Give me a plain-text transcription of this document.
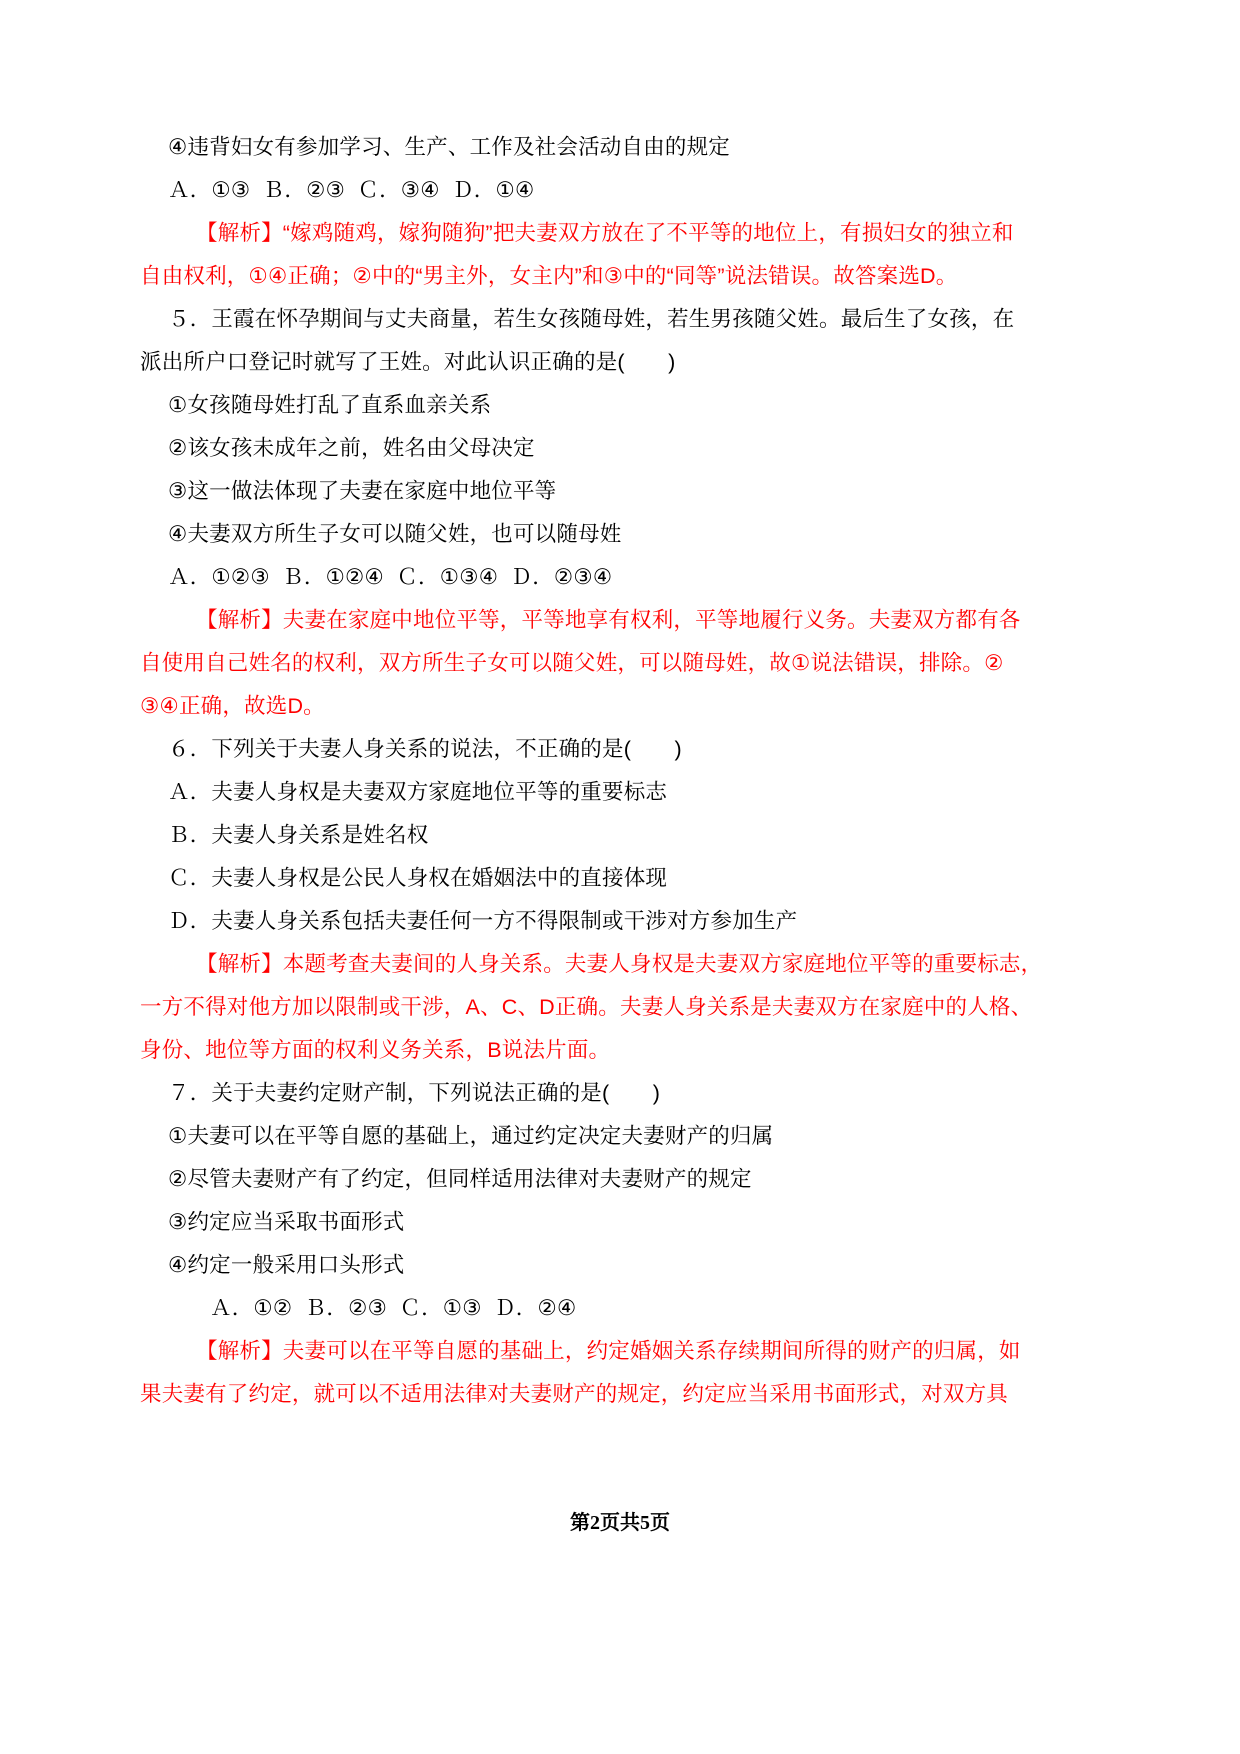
④违背妇女有参加学习、生产、工作及社会活动自由的规定
Ａ．①③  Ｂ．②③  Ｃ．③④  Ｄ．①④
【解析】“嫁鸡随鸡，嫁狗随狗”把夫妻双方放在了不平等的地位上，有损妇女的独立和
自由权利，①④正确；②中的“男主外，女主内”和③中的“同等”说法错误。故答案选D。
５．王霞在怀孕期间与丈夫商量，若生女孩随母姓，若生男孩随父姓。最后生了女孩，在
派出所户口登记时就写了王姓。对此认识正确的是(　　)
①女孩随母姓打乱了直系血亲关系
②该女孩未成年之前，姓名由父母决定
③这一做法体现了夫妻在家庭中地位平等
④夫妻双方所生子女可以随父姓，也可以随母姓
Ａ．①②③  Ｂ．①②④  Ｃ．①③④  Ｄ．②③④
【解析】夫妻在家庭中地位平等，平等地享有权利，平等地履行义务。夫妻双方都有各
自使用自己姓名的权利，双方所生子女可以随父姓，可以随母姓，故①说法错误，排除。②
③④正确，故选D。
６．下列关于夫妻人身关系的说法，不正确的是(　　)
Ａ．夫妻人身权是夫妻双方家庭地位平等的重要标志
Ｂ．夫妻人身关系是姓名权
Ｃ．夫妻人身权是公民人身权在婚姻法中的直接体现
Ｄ．夫妻人身关系包括夫妻任何一方不得限制或干涉对方参加生产
【解析】本题考查夫妻间的人身关系。夫妻人身权是夫妻双方家庭地位平等的重要标志，
一方不得对他方加以限制或干涉，A、C、D正确。夫妻人身关系是夫妻双方在家庭中的人格、
身份、地位等方面的权利义务关系，B说法片面。
７．关于夫妻约定财产制，下列说法正确的是(　　)
①夫妻可以在平等自愿的基础上，通过约定决定夫妻财产的归属
②尽管夫妻财产有了约定，但同样适用法律对夫妻财产的规定
③约定应当采取书面形式
④约定一般采用口头形式
Ａ．①②  Ｂ．②③  Ｃ．①③  Ｄ．②④
【解析】夫妻可以在平等自愿的基础上，约定婚姻关系存续期间所得的财产的归属，如
果夫妻有了约定，就可以不适用法律对夫妻财产的规定，约定应当采用书面形式，对双方具
第2页共5页
